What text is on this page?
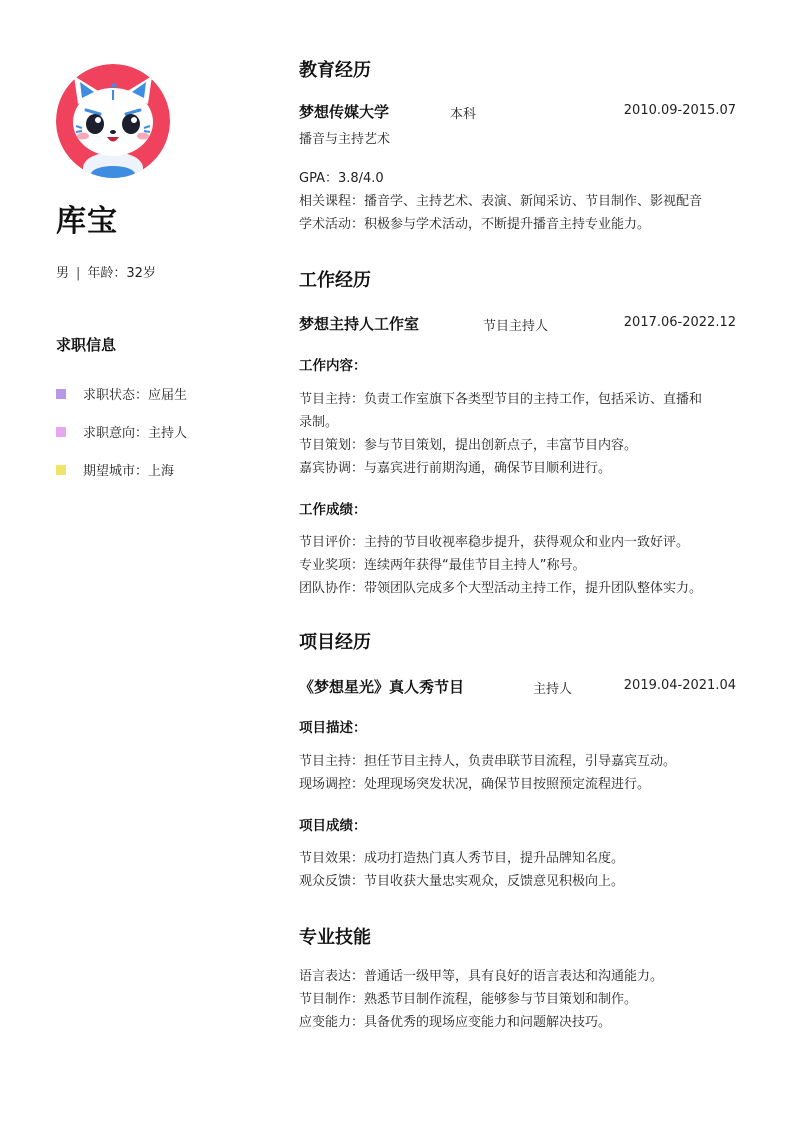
库宝
男 | 年龄：32岁
求职信息
求职状态：应届生
求职意向：主持人
期望城市：上海
教育经历
梦想传媒大学	本科	2010.09-2015.07
播音与主持艺术
GPA：3.8/4.0
相关课程：播音学、主持艺术、表演、新闻采访、节目制作、影视配音
学术活动：积极参与学术活动，不断提升播音主持专业能力。
工作经历
梦想主持人工作室	节目主持人	2017.06-2022.12
工作内容：
节目主持：负责工作室旗下各类型节目的主持工作，包括采访、直播和
录制。
节目策划：参与节目策划，提出创新点子，丰富节目内容。
嘉宾协调：与嘉宾进行前期沟通，确保节目顺利进行。
工作成绩：
节目评价：主持的节目收视率稳步提升，获得观众和业内一致好评。
专业奖项：连续两年获得“最佳节目主持人”称号。
团队协作：带领团队完成多个大型活动主持工作，提升团队整体实力。
项目经历
《梦想星光》真人秀节目	主持人	2019.04-2021.04
项目描述：
节目主持：担任节目主持人，负责串联节目流程，引导嘉宾互动。
现场调控：处理现场突发状况，确保节目按照预定流程进行。
项目成绩：
节目效果：成功打造热门真人秀节目，提升品牌知名度。
观众反馈：节目收获大量忠实观众，反馈意见积极向上。
专业技能
语言表达：普通话一级甲等，具有良好的语言表达和沟通能力。
节目制作：熟悉节目制作流程，能够参与节目策划和制作。
应变能力：具备优秀的现场应变能力和问题解决技巧。
